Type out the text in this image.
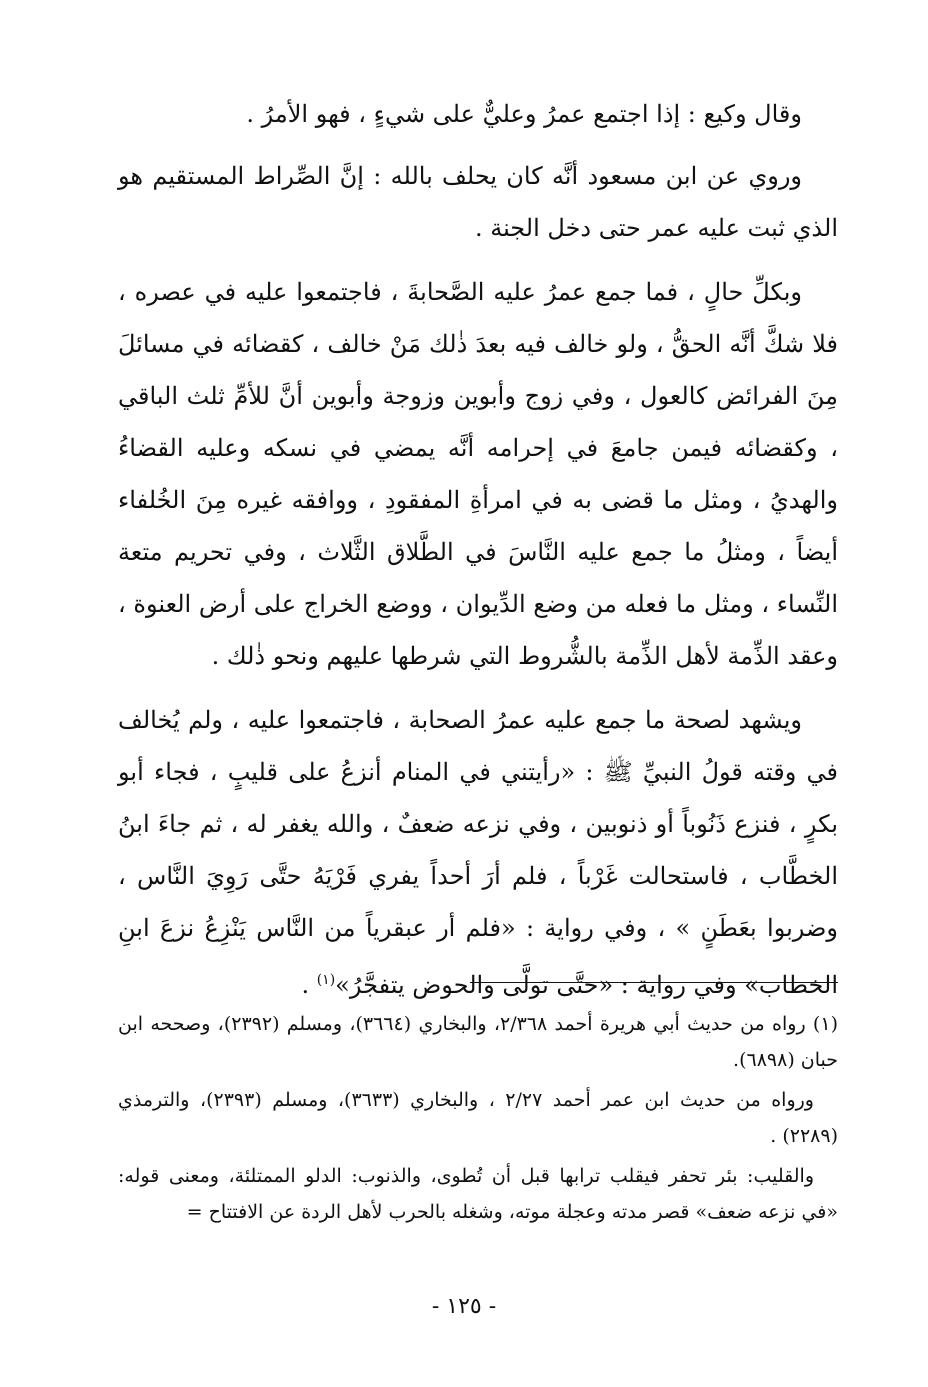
وقال وكيع : إذا اجتمع عمرُ وعليٌّ على شيءٍ ، فهو الأمرُ .

وروي عن ابن مسعود أنَّه كان يحلف بالله : إنَّ الصِّراط المستقيم هو الذي ثبت عليه عمر حتى دخل الجنة .

وبكلِّ حالٍ ، فما جمع عمرُ عليه الصَّحابةَ ، فاجتمعوا عليه في عصره ، فلا شكَّ أنَّه الحقُّ ، ولو خالف فيه بعدَ ذٰلك مَنْ خالف ، كقضائه في مسائلَ مِنَ الفرائض كالعول ، وفي زوج وأبوين وزوجة وأبوين أنَّ للأمِّ ثلث الباقي ، وكقضائه فيمن جامعَ في إحرامه أنَّه يمضي في نسكه وعليه القضاءُ والهديُ ، ومثل ما قضى به في امرأةِ المفقودِ ، ووافقه غيره مِنَ الخُلفاء أيضاً ، ومثلُ ما جمع عليه النَّاسَ في الطَّلاق الثَّلاث ، وفي تحريم متعة النِّساء ، ومثل ما فعله من وضع الدِّيوان ، ووضع الخراج على أرض العنوة ، وعقد الذِّمة لأهل الذِّمة بالشُّروط التي شرطها عليهم ونحو ذٰلك .

ويشهد لصحة ما جمع عليه عمرُ الصحابة ، فاجتمعوا عليه ، ولم يُخالف في وقته قولُ النبيِّ ﷺ : «رأيتني في المنام أنزعُ على قليبٍ ، فجاء أبو بكرٍ ، فنزع ذَنُوباً أو ذنوبين ، وفي نزعه ضعفٌ ، والله يغفر له ، ثم جاءَ ابنُ الخطَّاب ، فاستحالت غَرْباً ، فلم أرَ أحداً يفري فَرْيَهُ حتَّى رَوِيَ النَّاس ، وضربوا بعَطَنٍ » ، وفي رواية : «فلم أر عبقرياً من النَّاس يَنْزِعُ نزعَ ابنِ الخطاب» وفي رواية : «حتَّى تولَّى والحوض يتفجَّرُ»$^{(١)}$ .

(١) رواه من حديث أبي هريرة أحمد ٢/٣٦٨، والبخاري (٣٦٦٤)، ومسلم (٢٣٩٢)، وصححه ابن حبان (٦٨٩٨).

ورواه من حديث ابن عمر أحمد ٢/٢٧ ، والبخاري (٣٦٣٣)، ومسلم (٢٣٩٣)، والترمذي (٢٢٨٩) .

والقليب: بئر تحفر فيقلب ترابها قبل أن تُطوى، والذنوب: الدلو الممتلئة، ومعنى قوله: «في نزعه ضعف» قصر مدته وعجلة موته، وشغله بالحرب لأهل الردة عن الافتتاح =

- ١٢٥ -
